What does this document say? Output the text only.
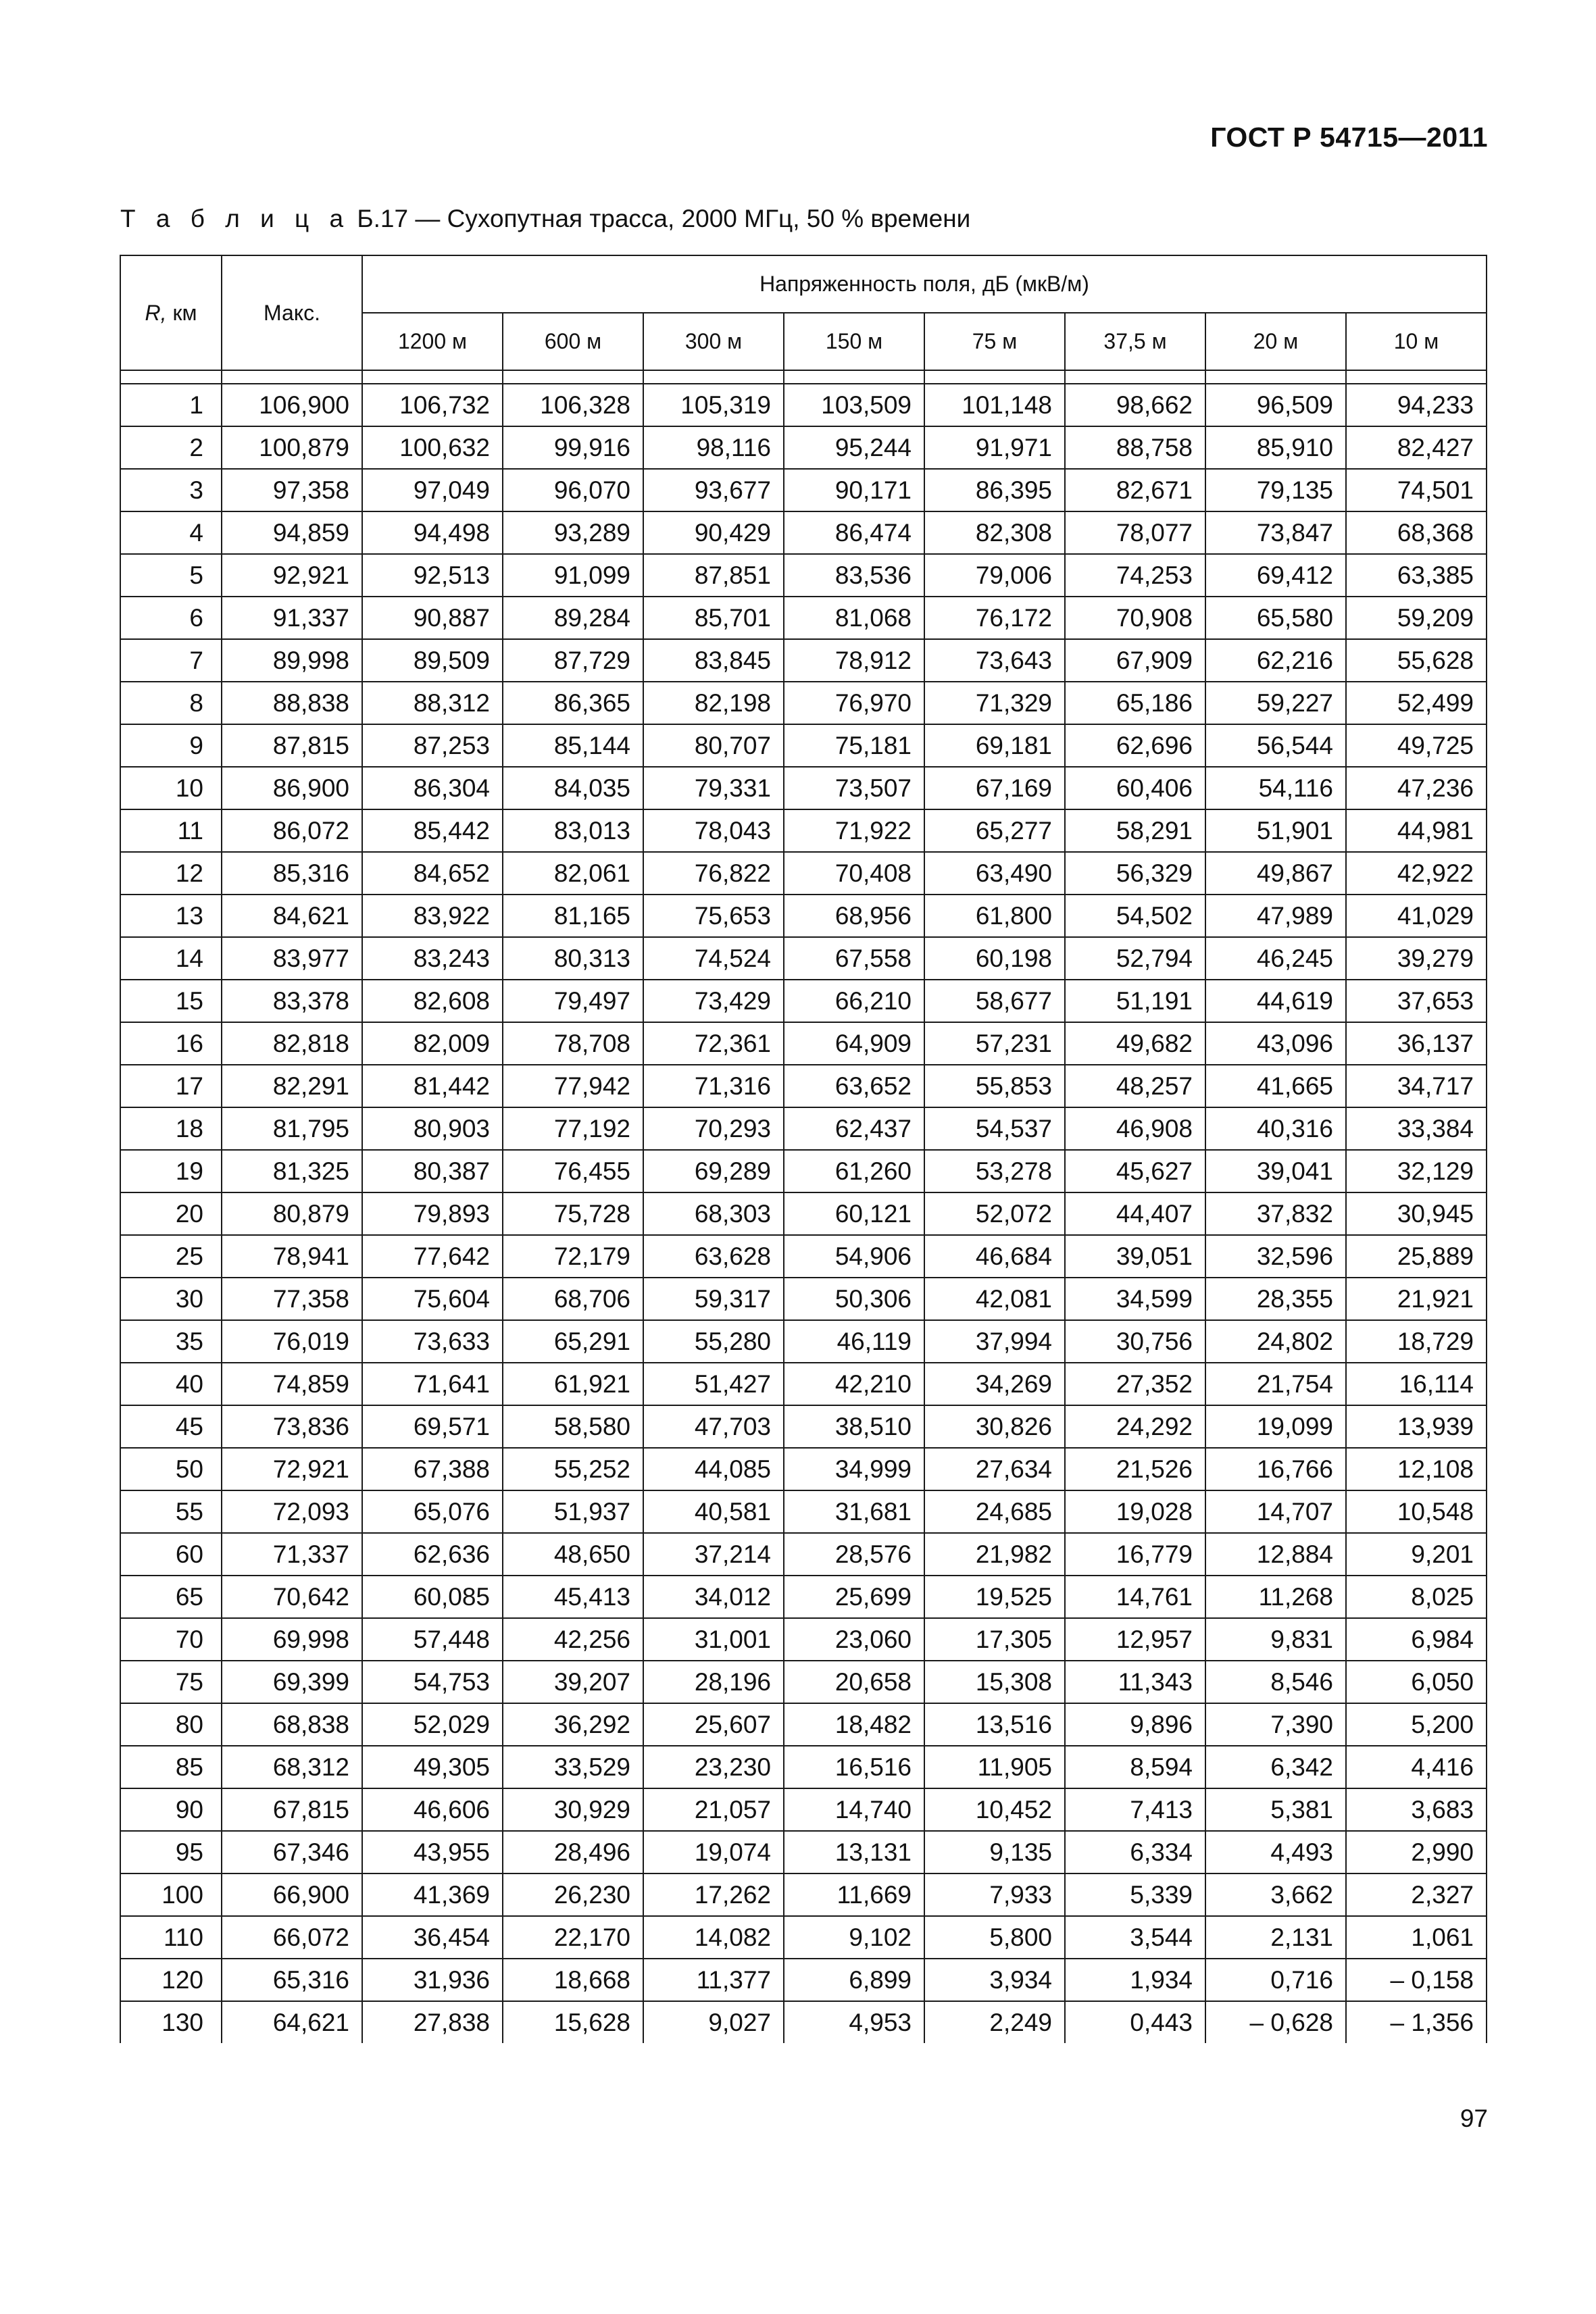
ГОСТ Р 54715—2011
Т а б л и ц а Б.17 — Сухопутная трасса, 2000 МГц, 50 % времени
R, км	Макс.	Напряженность поля, дБ (мкВ/м)							
		1200 м	600 м	300 м	150 м	75 м	37,5 м	20 м	10 м

1	106,900	106,732	106,328	105,319	103,509	101,148	98,662	96,509	94,233
2	100,879	100,632	99,916	98,116	95,244	91,971	88,758	85,910	82,427
3	97,358	97,049	96,070	93,677	90,171	86,395	82,671	79,135	74,501
4	94,859	94,498	93,289	90,429	86,474	82,308	78,077	73,847	68,368
5	92,921	92,513	91,099	87,851	83,536	79,006	74,253	69,412	63,385
6	91,337	90,887	89,284	85,701	81,068	76,172	70,908	65,580	59,209
7	89,998	89,509	87,729	83,845	78,912	73,643	67,909	62,216	55,628
8	88,838	88,312	86,365	82,198	76,970	71,329	65,186	59,227	52,499
9	87,815	87,253	85,144	80,707	75,181	69,181	62,696	56,544	49,725
10	86,900	86,304	84,035	79,331	73,507	67,169	60,406	54,116	47,236
11	86,072	85,442	83,013	78,043	71,922	65,277	58,291	51,901	44,981
12	85,316	84,652	82,061	76,822	70,408	63,490	56,329	49,867	42,922
13	84,621	83,922	81,165	75,653	68,956	61,800	54,502	47,989	41,029
14	83,977	83,243	80,313	74,524	67,558	60,198	52,794	46,245	39,279
15	83,378	82,608	79,497	73,429	66,210	58,677	51,191	44,619	37,653
16	82,818	82,009	78,708	72,361	64,909	57,231	49,682	43,096	36,137
17	82,291	81,442	77,942	71,316	63,652	55,853	48,257	41,665	34,717
18	81,795	80,903	77,192	70,293	62,437	54,537	46,908	40,316	33,384
19	81,325	80,387	76,455	69,289	61,260	53,278	45,627	39,041	32,129
20	80,879	79,893	75,728	68,303	60,121	52,072	44,407	37,832	30,945
25	78,941	77,642	72,179	63,628	54,906	46,684	39,051	32,596	25,889
30	77,358	75,604	68,706	59,317	50,306	42,081	34,599	28,355	21,921
35	76,019	73,633	65,291	55,280	46,119	37,994	30,756	24,802	18,729
40	74,859	71,641	61,921	51,427	42,210	34,269	27,352	21,754	16,114
45	73,836	69,571	58,580	47,703	38,510	30,826	24,292	19,099	13,939
50	72,921	67,388	55,252	44,085	34,999	27,634	21,526	16,766	12,108
55	72,093	65,076	51,937	40,581	31,681	24,685	19,028	14,707	10,548
60	71,337	62,636	48,650	37,214	28,576	21,982	16,779	12,884	9,201
65	70,642	60,085	45,413	34,012	25,699	19,525	14,761	11,268	8,025
70	69,998	57,448	42,256	31,001	23,060	17,305	12,957	9,831	6,984
75	69,399	54,753	39,207	28,196	20,658	15,308	11,343	8,546	6,050
80	68,838	52,029	36,292	25,607	18,482	13,516	9,896	7,390	5,200
85	68,312	49,305	33,529	23,230	16,516	11,905	8,594	6,342	4,416
90	67,815	46,606	30,929	21,057	14,740	10,452	7,413	5,381	3,683
95	67,346	43,955	28,496	19,074	13,131	9,135	6,334	4,493	2,990
100	66,900	41,369	26,230	17,262	11,669	7,933	5,339	3,662	2,327
110	66,072	36,454	22,170	14,082	9,102	5,800	3,544	2,131	1,061
120	65,316	31,936	18,668	11,377	6,899	3,934	1,934	0,716	– 0,158
130	64,621	27,838	15,628	9,027	4,953	2,249	0,443	– 0,628	– 1,356
97
